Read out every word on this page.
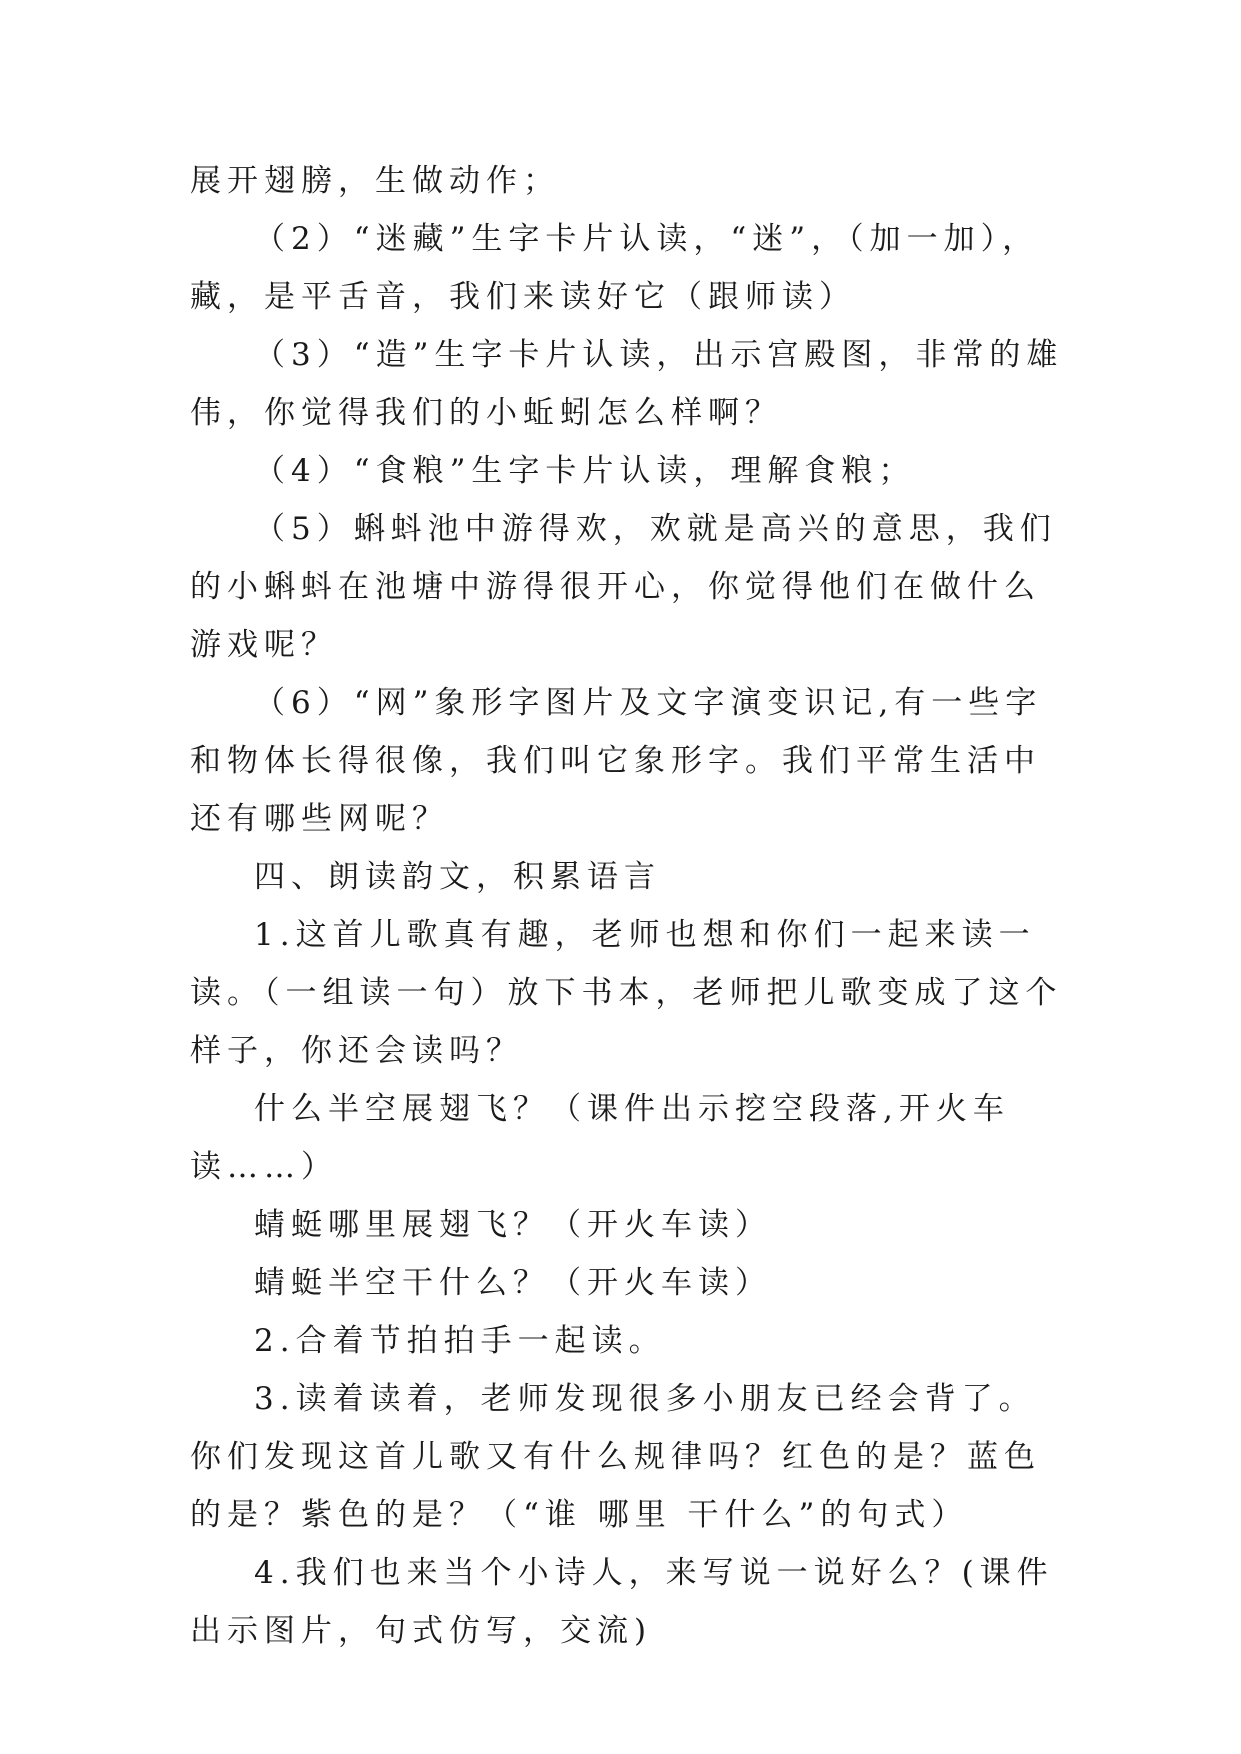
展开翅膀，生做动作；

（2）“迷藏”生字卡片认读，“迷”，（加一加），藏，是平舌音，我们来读好它（跟师读）

（3）“造”生字卡片认读，出示宫殿图，非常的雄伟，你觉得我们的小蚯蚓怎么样啊？

（4）“食粮”生字卡片认读，理解食粮；

（5）蝌蚪池中游得欢，欢就是高兴的意思，我们的小蝌蚪在池塘中游得很开心，你觉得他们在做什么游戏呢？

（6）“网”象形字图片及文字演变识记,有一些字和物体长得很像，我们叫它象形字。我们平常生活中还有哪些网呢？

四、朗读韵文，积累语言

1.这首儿歌真有趣，老师也想和你们一起来读一读。（一组读一句）放下书本，老师把儿歌变成了这个样子，你还会读吗？

什么半空展翅飞？（课件出示挖空段落,开火车读……）

蜻蜓哪里展翅飞？（开火车读）

蜻蜓半空干什么？（开火车读）

2.合着节拍拍手一起读。

3.读着读着，老师发现很多小朋友已经会背了。你们发现这首儿歌又有什么规律吗？红色的是？蓝色的是？紫色的是？（“谁 哪里 干什么”的句式）

4.我们也来当个小诗人，来写说一说好么？(课件出示图片，句式仿写，交流)
